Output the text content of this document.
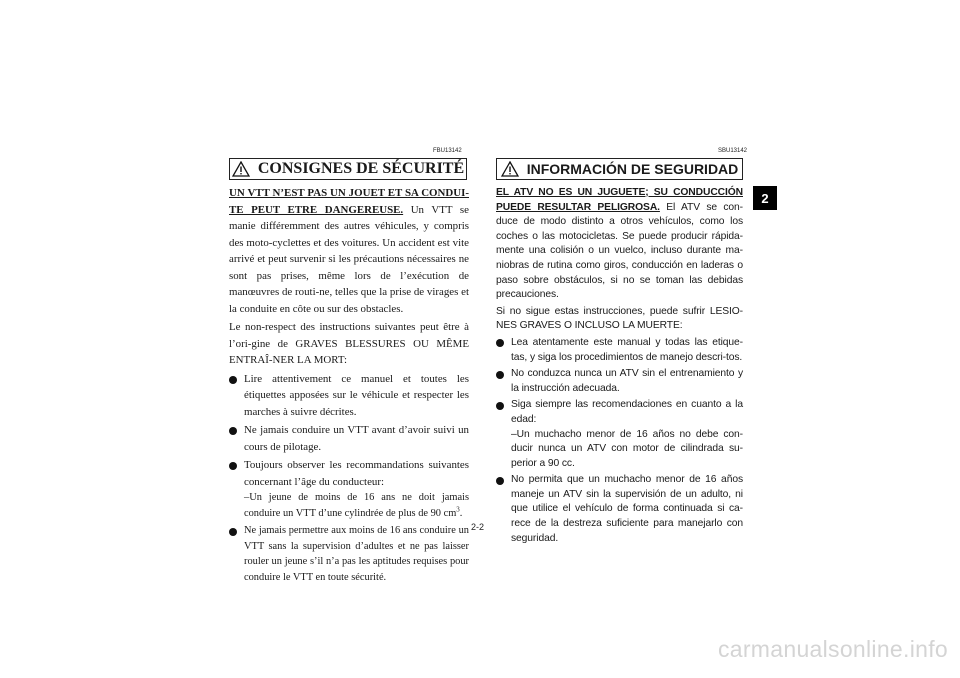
FBU13142
CONSIGNES DE SÉCURITÉ

UN VTT N’EST PAS UN JOUET ET SA CONDUI-TE PEUT ETRE DANGEREUSE. Un VTT se manie différemment des autres véhicules, y compris des moto-cyclettes et des voitures. Un accident est vite arrivé et peut survenir si les précautions nécessaires ne sont pas prises, même lors de l’exécution de manœuvres de routi-ne, telles que la prise de virages et la conduite en côte ou sur des obstacles.

Le non-respect des instructions suivantes peut être à l’ori-gine de GRAVES BLESSURES OU MÊME ENTRAÎ-NER LA MORT:

Lire attentivement ce manuel et toutes les étiquettes apposées sur le véhicule et respecter les marches à suivre décrites.
Ne jamais conduire un VTT avant d’avoir suivi un cours de pilotage.
Toujours observer les recommandations suivantes concernant l’âge du conducteur:
–Un jeune de moins de 16 ans ne doit jamais conduire un VTT d’une cylindrée de plus de 90 $cm^3$.
Ne jamais permettre aux moins de 16 ans conduire un VTT sans la supervision d’adultes et ne pas laisser rouler un jeune s’il n’a pas les aptitudes requises pour conduire le VTT en toute sécurité.
SBU13142
INFORMACIÓN DE SEGURIDAD

EL ATV NO ES UN JUGUETE; SU CONDUCCIÓN PUEDE RESULTAR PELIGROSA. El ATV se con-duce de modo distinto a otros vehículos, como los coches o las motocicletas. Se puede producir rápida-mente una colisión o un vuelco, incluso durante ma-niobras de rutina como giros, conducción en laderas o paso sobre obstáculos, si no se toman las debidas precauciones.

Si no sigue estas instrucciones, puede sufrir LESIO-NES GRAVES O INCLUSO LA MUERTE:

Lea atentamente este manual y todas las etique-tas, y siga los procedimientos de manejo descri-tos.
No conduzca nunca un ATV sin el entrenamiento y la instrucción adecuada.
Siga siempre las recomendaciones en cuanto a la edad:
–Un muchacho menor de 16 años no debe con-ducir nunca un ATV con motor de cilindrada su-perior a 90 cc.
No permita que un muchacho menor de 16 años maneje un ATV sin la supervisión de un adulto, ni que utilice el vehículo de forma continuada si ca-rece de la destreza suficiente para manejarlo con seguridad.
2-2
2
carmanualsonline.info
